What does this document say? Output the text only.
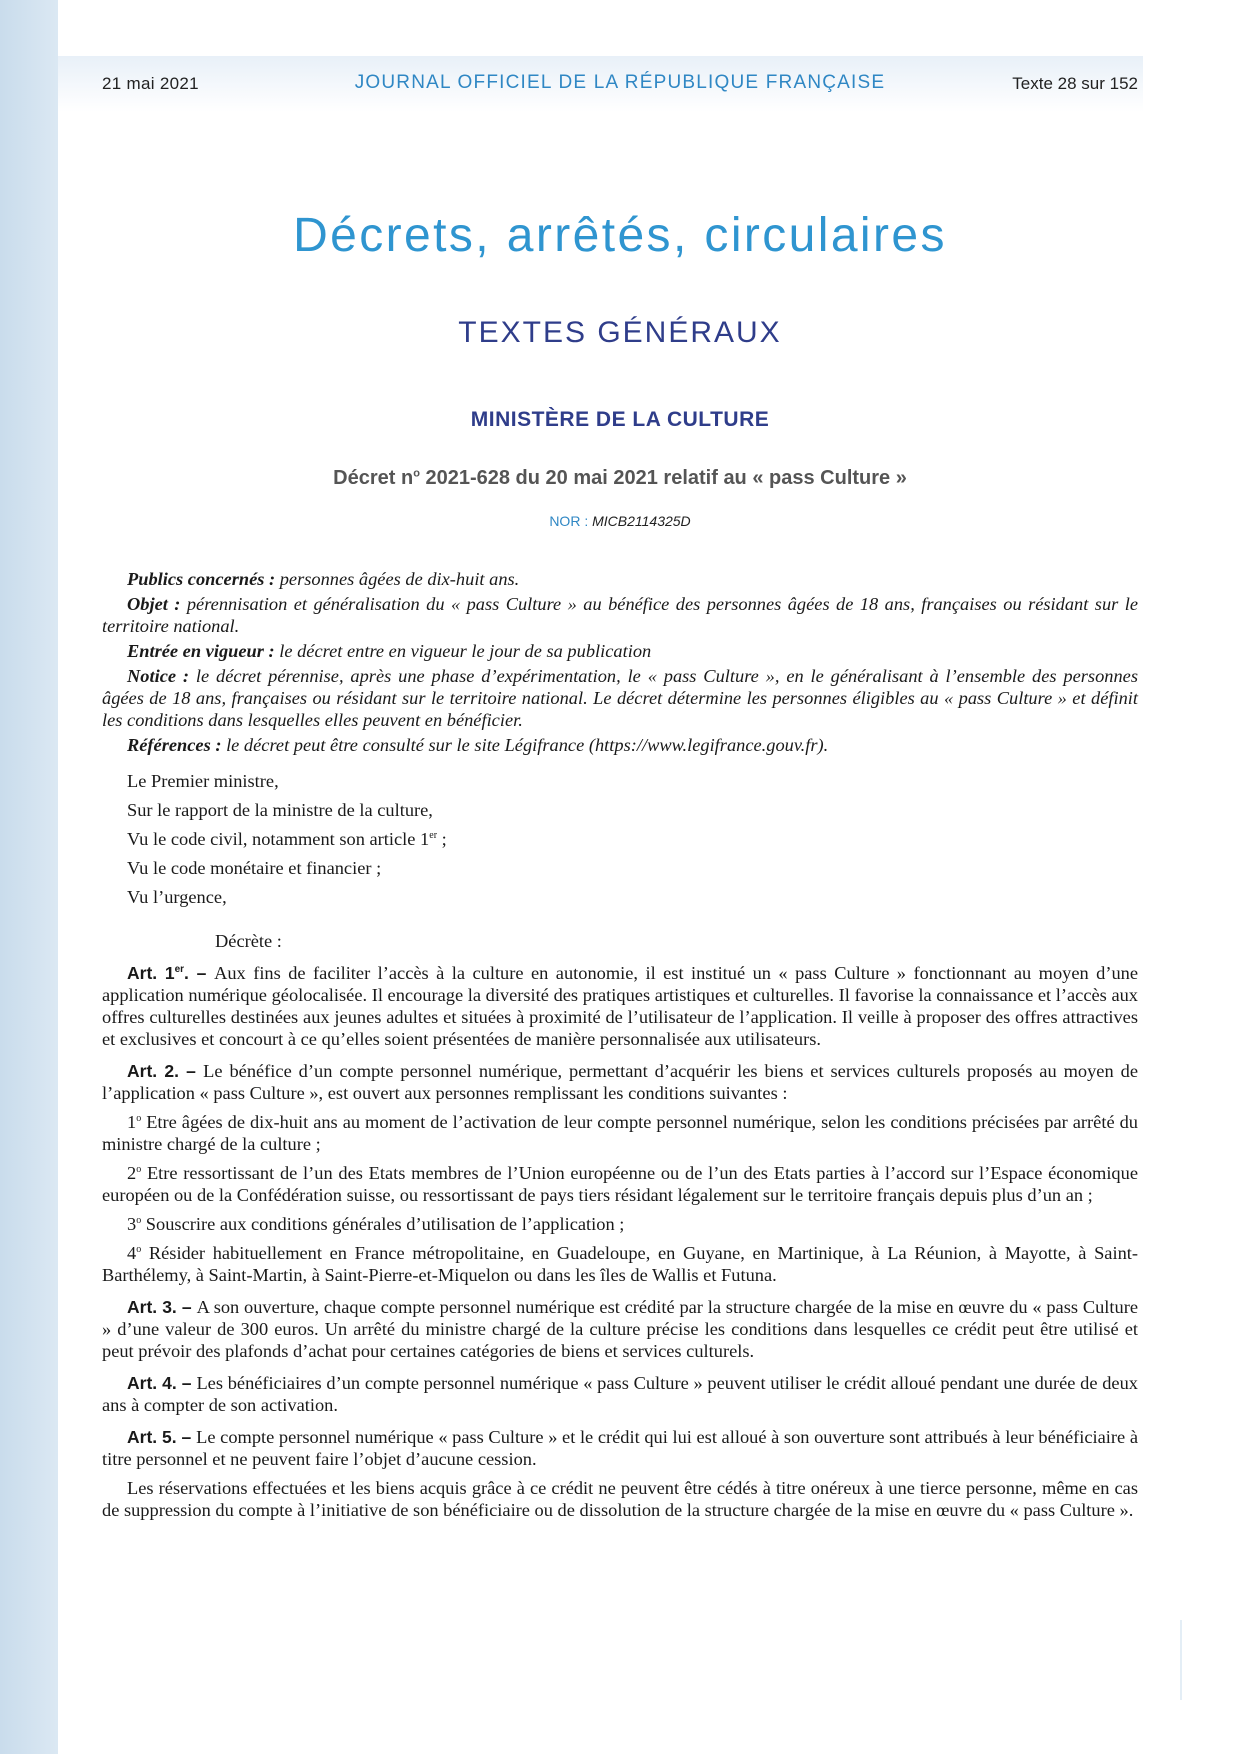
21 mai 2021	JOURNAL OFFICIEL DE LA RÉPUBLIQUE FRANÇAISE	Texte 28 sur 152
Décrets, arrêtés, circulaires
TEXTES GÉNÉRAUX
MINISTÈRE DE LA CULTURE
Décret $n^o$ 2021-628 du 20 mai 2021 relatif au « pass Culture »
NOR : MICB2114325D

Publics concernés : personnes âgées de dix-huit ans.

Objet : pérennisation et généralisation du « pass Culture » au bénéfice des personnes âgées de 18 ans, françaises ou résidant sur le territoire national.

Entrée en vigueur : le décret entre en vigueur le jour de sa publication

Notice : le décret pérennise, après une phase d’expérimentation, le « pass Culture », en le généralisant à l’ensemble des personnes âgées de 18 ans, françaises ou résidant sur le territoire national. Le décret détermine les personnes éligibles au « pass Culture » et définit les conditions dans lesquelles elles peuvent en bénéficier.

Références : le décret peut être consulté sur le site Légifrance (https://www.legifrance.gouv.fr).

Le Premier ministre,

Sur le rapport de la ministre de la culture,

Vu le code civil, notamment son article 1er ;

Vu le code monétaire et financier ;

Vu l’urgence,

Décrète :

Art. 1er. – Aux fins de faciliter l’accès à la culture en autonomie, il est institué un « pass Culture » fonctionnant au moyen d’une application numérique géolocalisée. Il encourage la diversité des pratiques artistiques et culturelles. Il favorise la connaissance et l’accès aux offres culturelles destinées aux jeunes adultes et situées à proximité de l’utilisateur de l’application. Il veille à proposer des offres attractives et exclusives et concourt à ce qu’elles soient présentées de manière personnalisée aux utilisateurs.

Art. 2. – Le bénéfice d’un compte personnel numérique, permettant d’acquérir les biens et services culturels proposés au moyen de l’application « pass Culture », est ouvert aux personnes remplissant les conditions suivantes :

1$^o$ Etre âgées de dix-huit ans au moment de l’activation de leur compte personnel numérique, selon les conditions précisées par arrêté du ministre chargé de la culture ;

2$^o$ Etre ressortissant de l’un des Etats membres de l’Union européenne ou de l’un des Etats parties à l’accord sur l’Espace économique européen ou de la Confédération suisse, ou ressortissant de pays tiers résidant légalement sur le territoire français depuis plus d’un an ;

3$^o$ Souscrire aux conditions générales d’utilisation de l’application ;

4$^o$ Résider habituellement en France métropolitaine, en Guadeloupe, en Guyane, en Martinique, à La Réunion, à Mayotte, à Saint-Barthélemy, à Saint-Martin, à Saint-Pierre-et-Miquelon ou dans les îles de Wallis et Futuna.

Art. 3. – A son ouverture, chaque compte personnel numérique est crédité par la structure chargée de la mise en œuvre du « pass Culture » d’une valeur de 300 euros. Un arrêté du ministre chargé de la culture précise les conditions dans lesquelles ce crédit peut être utilisé et peut prévoir des plafonds d’achat pour certaines catégories de biens et services culturels.

Art. 4. – Les bénéficiaires d’un compte personnel numérique « pass Culture » peuvent utiliser le crédit alloué pendant une durée de deux ans à compter de son activation.

Art. 5. – Le compte personnel numérique « pass Culture » et le crédit qui lui est alloué à son ouverture sont attribués à leur bénéficiaire à titre personnel et ne peuvent faire l’objet d’aucune cession.

Les réservations effectuées et les biens acquis grâce à ce crédit ne peuvent être cédés à titre onéreux à une tierce personne, même en cas de suppression du compte à l’initiative de son bénéficiaire ou de dissolution de la structure chargée de la mise en œuvre du « pass Culture ».
